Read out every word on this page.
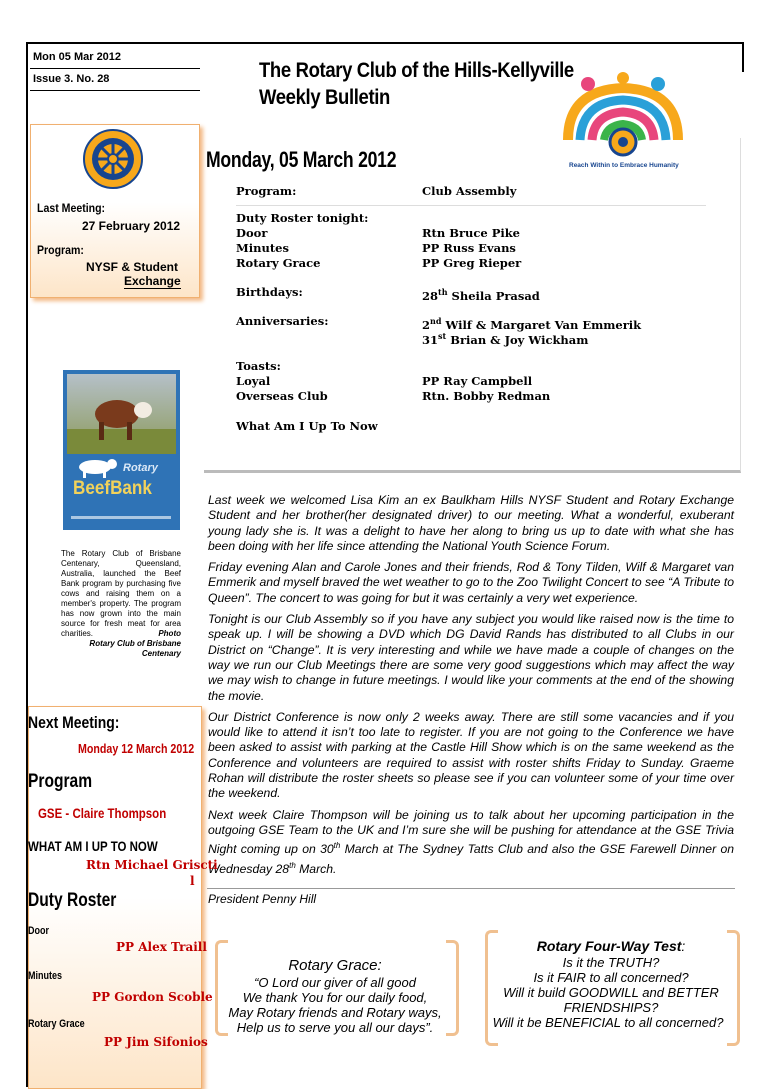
Mon 05 Mar 2012
Issue 3. No. 28	The Rotary Club of the Hills-Kellyville
Weekly Bulletin
Reach Within to Embrace Humanity
Last Meeting:
27 February 2012
Program:
NYSF & Student
Exchange
Rotary
BeefBank
The Rotary Club of Brisbane Centenary, Queensland, Australia, launched the Beef Bank program by purchasing five cows and raising them on a member's property. The program has now grown into the main source for fresh meat for area charities.	Photo
Rotary Club of Brisbane
Centenary
Monday, 05 March 2012
Program:	Club Assembly
Duty Roster tonight:
Door	Rtn Bruce Pike
Minutes	PP Russ Evans
Rotary Grace	PP Greg Rieper
Birthdays:	28th Sheila Prasad
Anniversaries:	2nd Wilf & Margaret Van Emmerik
31st Brian & Joy Wickham
Toasts:
Loyal	PP Ray Campbell
Overseas Club	Rtn. Bobby Redman
What Am I Up To Now

Last week we welcomed Lisa Kim an ex Baulkham Hills NYSF Student and Rotary Exchange Student and her brother(her designated driver) to our meeting. What a wonderful, exuberant young lady she is. It was a delight to have her along to bring us up to date with what she has been doing with her life since attending the National Youth Science Forum.

Friday evening Alan and Carole Jones and their friends, Rod & Tony Tilden, Wilf & Margaret van Emmerik and myself braved the wet weather to go to the Zoo Twilight Concert to see “A Tribute to Queen”. The concert to was going for but it was certainly a very wet experience.

Tonight is our Club Assembly so if you have any subject you would like raised now is the time to speak up. I will be showing a DVD which DG David Rands has distributed to all Clubs in our District on “Change”. It is very interesting and while we have made a couple of changes on the way we run our Club Meetings there are some very good suggestions which may affect the way we may wish to change in future meetings. I would like your comments at the end of the showing the movie.

Our District Conference is now only 2 weeks away. There are still some vacancies and if you would like to attend it isn’t too late to register. If you are not going to the Conference we have been asked to assist with parking at the Castle Hill Show which is on the same weekend as the Conference and volunteers are required to assist with roster shifts Friday to Sunday. Graeme Rohan will distribute the roster sheets so please see if you can volunteer some of your time over the weekend.

Next week Claire Thompson will be joining us to talk about her upcoming participation in the outgoing GSE Team to the UK and I’m sure she will be pushing for attendance at the GSE Trivia Night coming up on 30th March at The Sydney Tatts Club and also the GSE Farewell Dinner on Wednesday 28th March.

President Penny Hill
Next Meeting:
Monday 12 March 2012
Program
GSE - Claire Thompson
WHAT AM I UP TO NOW
Rtn Michael Griscti
l
Duty Roster
Door
PP Alex Traill
Minutes
PP Gordon Scoble
Rotary Grace
PP Jim Sifonios
Rotary Grace:
“O Lord our giver of all good
We thank You for our daily food,
May Rotary friends and Rotary ways,
Help us to serve you all our days”.
Rotary Four-Way Test:
Is it the TRUTH?
Is it FAIR to all concerned?
Will it build GOODWILL and BETTER
FRIENDSHIPS?
Will it be BENEFICIAL to all concerned?
